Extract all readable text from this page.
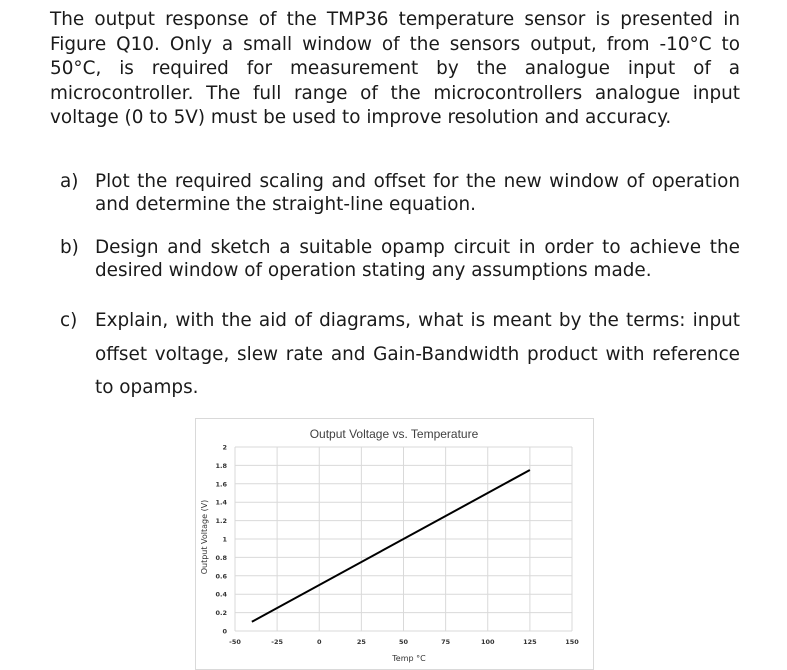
The output response of the TMP36 temperature sensor is presented in Figure Q10. Only a small window of the sensors output, from -10°C to 50°C, is required for measurement by the analogue input of a microcontroller. The full range of the microcontrollers analogue input voltage (0 to 5V) must be used to improve resolution and accuracy.

a) Plot the required scaling and offset for the new window of operation and determine the straight-line equation.
b) Design and sketch a suitable opamp circuit in order to achieve the desired window of operation stating any assumptions made.
c) Explain, with the aid of diagrams, what is meant by the terms: input offset voltage, slew rate and Gain-Bandwidth product with reference to opamps.
0
0.2
0.4
0.6
0.8
1
1.2
1.4
1.6
1.8
2
-50	-25	0	25	50	75	100	125	150
Output Voltage vs. Temperature
Output Voltage (V)
Temp °C
